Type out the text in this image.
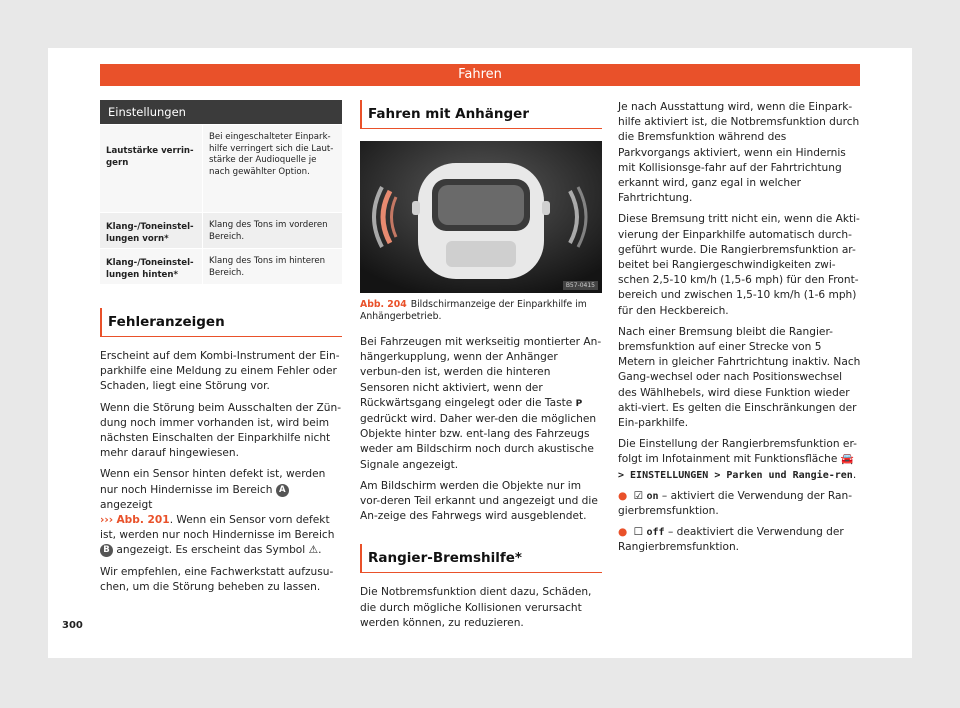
Fahren
Einstellungen
Lautstärke verrin-gern
Bei eingeschalteter Einpark-hilfe verringert sich die Laut-stärke der Audioquelle je nach gewählter Option.
Klang-/Toneinstel-lungen vorn*
Klang des Tons im vorderen Bereich.
Klang-/Toneinstel-lungen hinten*
Klang des Tons im hinteren Bereich.
Fehleranzeigen

Erscheint auf dem Kombi-Instrument der Ein-parkhilfe eine Meldung zu einem Fehler oder Schaden, liegt eine Störung vor.

Wenn die Störung beim Ausschalten der Zün-dung noch immer vorhanden ist, wird beim nächsten Einschalten der Einparkhilfe nicht mehr darauf hingewiesen.

Wenn ein Sensor hinten defekt ist, werden nur noch Hindernisse im Bereich A angezeigt
››› Abb. 201. Wenn ein Sensor vorn defekt ist, werden nur noch Hindernisse im Bereich B angezeigt. Es erscheint das Symbol ⚠.

Wir empfehlen, eine Fachwerkstatt aufzusu-chen, um die Störung beheben zu lassen.

Fahren mit Anhänger
B57-0415

Abb. 204 Bildschirmanzeige der Einparkhilfe im Anhängerbetrieb.

Bei Fahrzeugen mit werkseitig montierter An-hängerkupplung, wenn der Anhänger verbun-den ist, werden die hinteren Sensoren nicht aktiviert, wenn der Rückwärtsgang eingelegt oder die Taste P gedrückt wird. Daher wer-den die möglichen Objekte hinter bzw. ent-lang des Fahrzeugs weder am Bildschirm noch durch akustische Signale angezeigt.

Am Bildschirm werden die Objekte nur im vor-deren Teil erkannt und angezeigt und die An-zeige des Fahrwegs wird ausgeblendet.

Rangier-Bremshilfe*

Die Notbremsfunktion dient dazu, Schäden, die durch mögliche Kollisionen verursacht werden können, zu reduzieren.

Je nach Ausstattung wird, wenn die Einpark-hilfe aktiviert ist, die Notbremsfunktion durch die Bremsfunktion während des Parkvorgangs aktiviert, wenn ein Hindernis mit Kollisionsge-fahr auf der Fahrtrichtung erkannt wird, ganz egal in welcher Fahrtrichtung.

Diese Bremsung tritt nicht ein, wenn die Akti-vierung der Einparkhilfe automatisch durch-geführt wurde. Die Rangierbremsfunktion ar-beitet bei Rangiergeschwindigkeiten zwi-schen 2,5-10 km/h (1,5-6 mph) für den Front-bereich und zwischen 1,5-10 km/h (1-6 mph) für den Heckbereich.

Nach einer Bremsung bleibt die Rangier-bremsfunktion auf einer Strecke von 5 Metern in gleicher Fahrtrichtung inaktiv. Nach Gang-wechsel oder nach Positionswechsel des Wählhebels, wird diese Funktion wieder akti-viert. Es gelten die Einschränkungen der Ein-parkhilfe.

Die Einstellung der Rangierbremsfunktion er-folgt im Infotainment mit Funktionsfläche 🚘 > EINSTELLUNGEN > Parken und Rangie-ren.

● ☑ on – aktiviert die Verwendung der Ran-gierbremsfunktion.

● ☐ off – deaktiviert die Verwendung der Rangierbremsfunktion.

300
